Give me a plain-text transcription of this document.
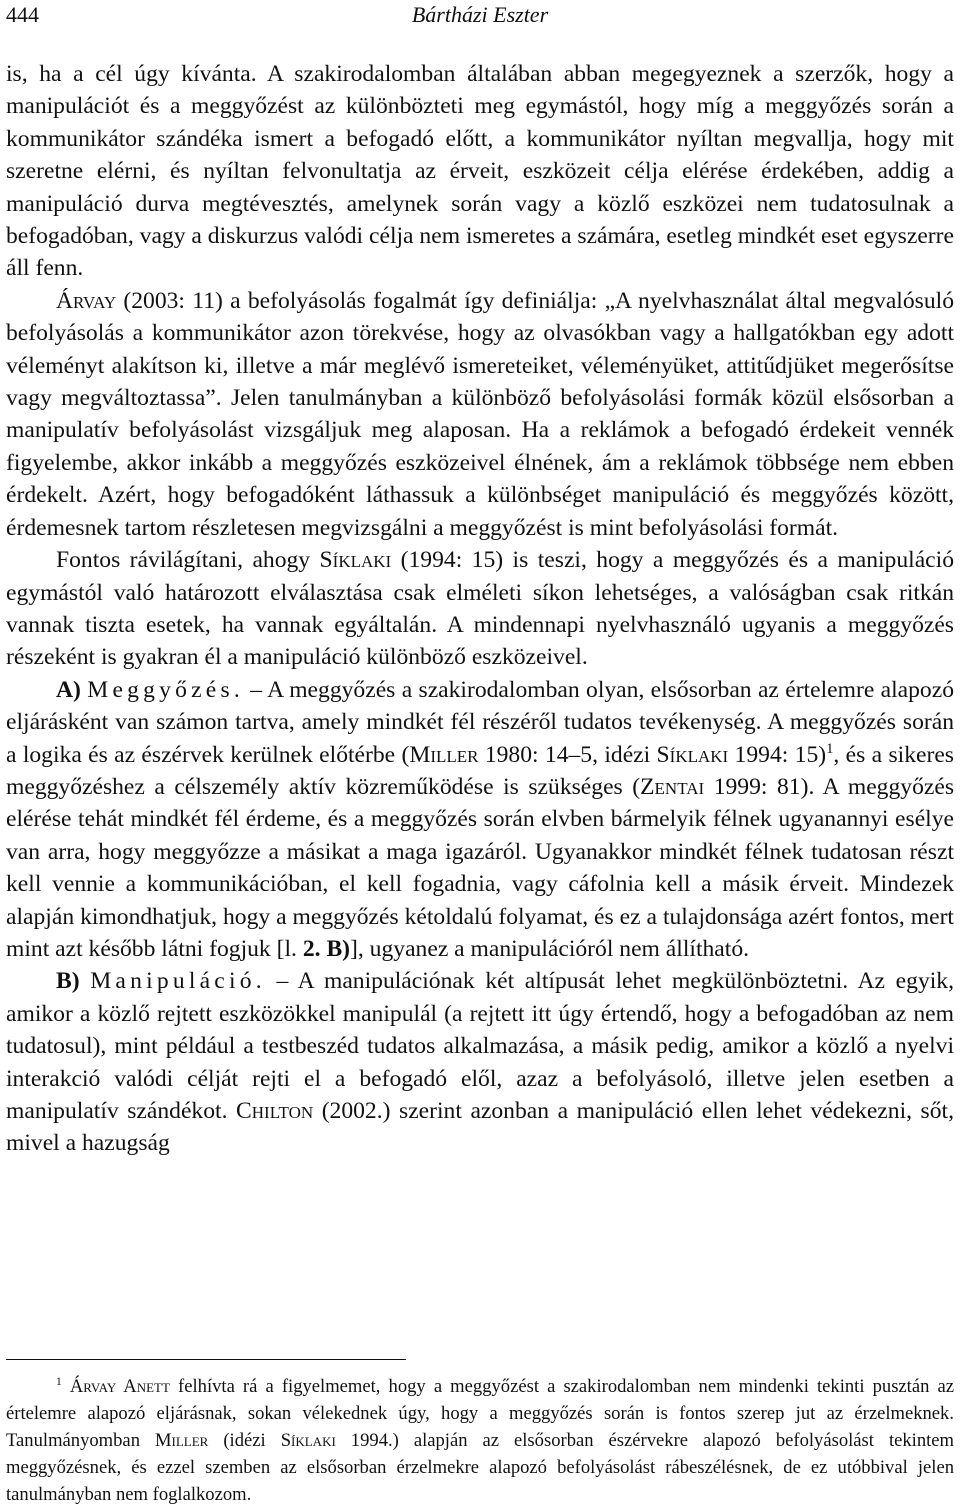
444	Bártházi Eszter

is, ha a cél úgy kívánta. A szakirodalomban általában abban megegyeznek a szerzők, hogy a manipulációt és a meggyőzést az különbözteti meg egymástól, hogy míg a meggyőzés során a kommunikátor szándéka ismert a befogadó előtt, a kommunikátor nyíltan megvallja, hogy mit szeretne elérni, és nyíltan felvonultatja az érveit, eszközeit célja elérése érdekében, addig a manipuláció durva megtévesztés, amelynek során vagy a közlő eszközei nem tudatosulnak a befogadóban, vagy a diskurzus valódi célja nem ismeretes a számára, esetleg mindkét eset egyszerre áll fenn.

Árvay (2003: 11) a befolyásolás fogalmát így definiálja: „A nyelvhasználat által megvalósuló befolyásolás a kommunikátor azon törekvése, hogy az olvasókban vagy a hallgatókban egy adott véleményt alakítson ki, illetve a már meglévő ismereteiket, véleményüket, attitűdjüket megerősítse vagy megváltoztassa”. Jelen tanulmányban a különböző befolyásolási formák közül elsősorban a manipulatív befolyásolást vizsgáljuk meg alaposan. Ha a reklámok a befogadó érdekeit vennék figyelembe, akkor inkább a meggyőzés eszközeivel élnének, ám a reklámok többsége nem ebben érdekelt. Azért, hogy befogadóként láthassuk a különbséget manipuláció és meggyőzés között, érdemesnek tartom részletesen megvizsgálni a meggyőzést is mint befolyásolási formát.

Fontos rávilágítani, ahogy Síklaki (1994: 15) is teszi, hogy a meggyőzés és a manipuláció egymástól való határozott elválasztása csak elméleti síkon lehetséges, a valóságban csak ritkán vannak tiszta esetek, ha vannak egyáltalán. A mindennapi nyelvhasználó ugyanis a meggyőzés részeként is gyakran él a manipuláció különböző eszközeivel.

A) Meggyőzés. – A meggyőzés a szakirodalomban olyan, elsősorban az értelemre alapozó eljárásként van számon tartva, amely mindkét fél részéről tudatos tevékenység. A meggyőzés során a logika és az észérvek kerülnek előtérbe (Miller 1980: 14–5, idézi Síklaki 1994: 15)$^1$, és a sikeres meggyőzéshez a célszemély aktív közreműködése is szükséges (Zentai 1999: 81). A meggyőzés elérése tehát mindkét fél érdeme, és a meggyőzés során elvben bármelyik félnek ugyanannyi esélye van arra, hogy meggyőzze a másikat a maga igazáról. Ugyanakkor mindkét félnek tudatosan részt kell vennie a kommunikációban, el kell fogadnia, vagy cáfolnia kell a másik érveit. Mindezek alapján kimondhatjuk, hogy a meggyőzés kétoldalú folyamat, és ez a tulajdonsága azért fontos, mert mint azt később látni fogjuk [l. 2. B)], ugyanez a manipulációról nem állítható.

B) Manipuláció. – A manipulációnak két altípusát lehet megkülönböztetni. Az egyik, amikor a közlő rejtett eszközökkel manipulál (a rejtett itt úgy értendő, hogy a befogadóban az nem tudatosul), mint például a testbeszéd tudatos alkalmazása, a másik pedig, amikor a közlő a nyelvi interakció valódi célját rejti el a befogadó elől, azaz a befolyásoló, illetve jelen esetben a manipulatív szándékot. Chilton (2002.) szerint azonban a manipuláció ellen lehet védekezni, sőt, mivel a hazugság

$^1$ Árvay Anett felhívta rá a figyelmemet, hogy a meggyőzést a szakirodalomban nem mindenki tekinti pusztán az értelemre alapozó eljárásnak, sokan vélekednek úgy, hogy a meggyőzés során is fontos szerep jut az érzelmeknek. Tanulmányomban Miller (idézi Síklaki 1994.) alapján az elsősorban észérvekre alapozó befolyásolást tekintem meggyőzésnek, és ezzel szemben az elsősorban érzelmekre alapozó befolyásolást rábeszélésnek, de ez utóbbival jelen tanulmányban nem foglalkozom.
